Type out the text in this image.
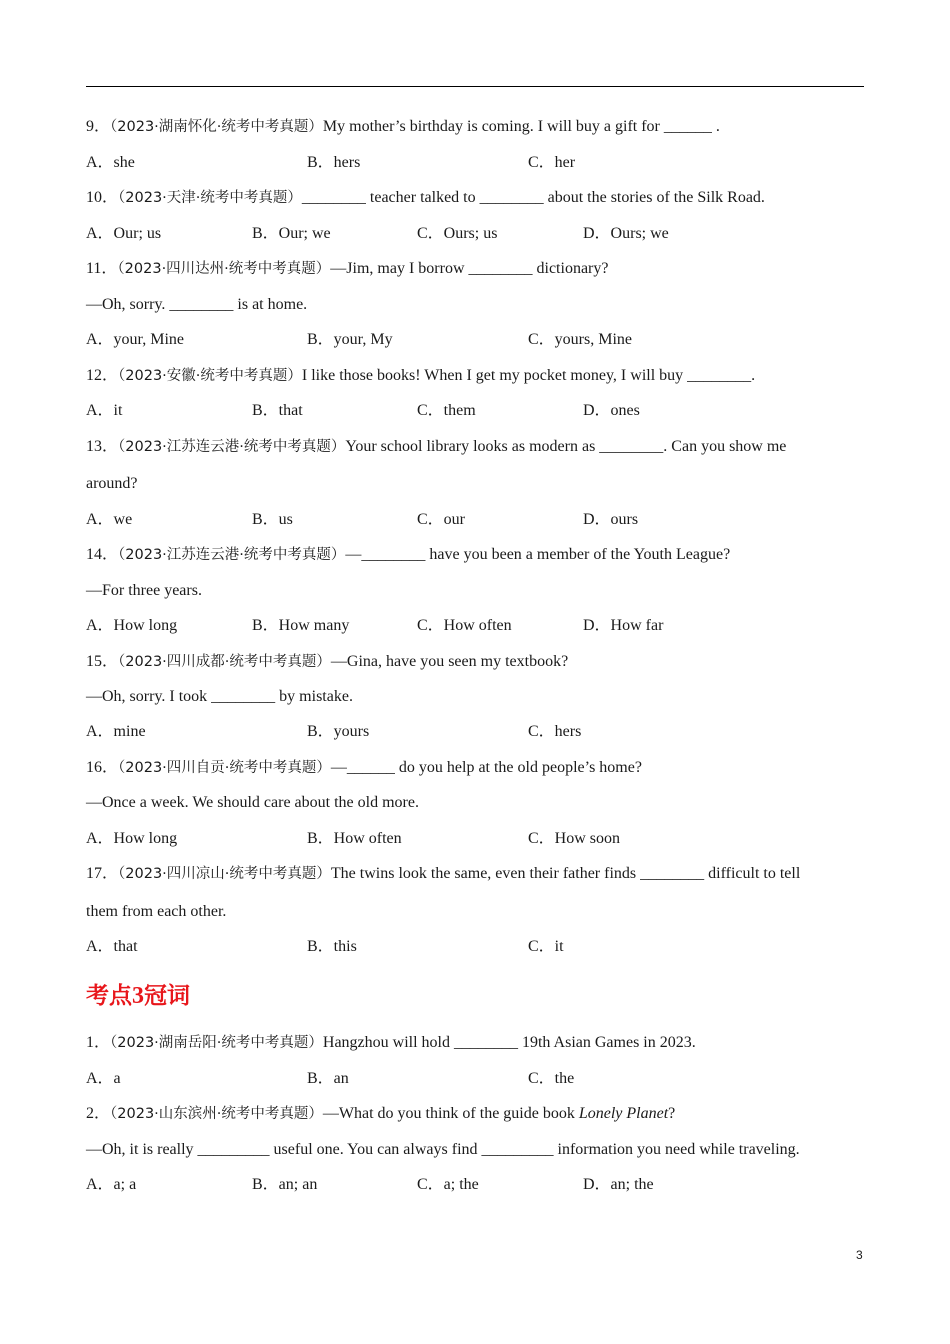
9．（2023·湖南怀化·统考中考真题）My mother’s birthday is coming. I will buy a gift for ______ .
A．she	B．hers	C．her
10．（2023·天津·统考中考真题）________ teacher talked to ________ about the stories of the Silk Road.
A．Our; us	B．Our; we	C．Ours; us	D．Ours; we
11．（2023·四川达州·统考中考真题）—Jim, may I borrow ________ dictionary?
—Oh, sorry. ________ is at home.
A．your, Mine	B．your, My	C．yours, Mine
12．（2023·安徽·统考中考真题）I like those books! When I get my pocket money, I will buy ________.
A．it	B．that	C．them	D．ones
13．（2023·江苏连云港·统考中考真题）Your school library looks as modern as ________. Can you show me
around?
A．we	B．us	C．our	D．ours
14．（2023·江苏连云港·统考中考真题）—________ have you been a member of the Youth League?
—For three years.
A．How long	B．How many	C．How often	D．How far
15．（2023·四川成都·统考中考真题）—Gina, have you seen my textbook?
—Oh, sorry. I took ________ by mistake.
A．mine	B．yours	C．hers
16．（2023·四川自贡·统考中考真题）—______ do you help at the old people’s home?
—Once a week. We should care about the old more.
A．How long	B．How often	C．How soon
17．（2023·四川凉山·统考中考真题）The twins look the same, even their father finds ________ difficult to tell
them from each other.
A．that	B．this	C．it
考点3冠词
1．（2023·湖南岳阳·统考中考真题）Hangzhou will hold ________ 19th Asian Games in 2023.
A．a	B．an	C．the
2．（2023·山东滨州·统考中考真题）—What do you think of the guide book Lonely Planet?
—Oh, it is really _________ useful one. You can always find _________ information you need while traveling.
A．a; a	B．an; an	C．a; the	D．an; the
3
